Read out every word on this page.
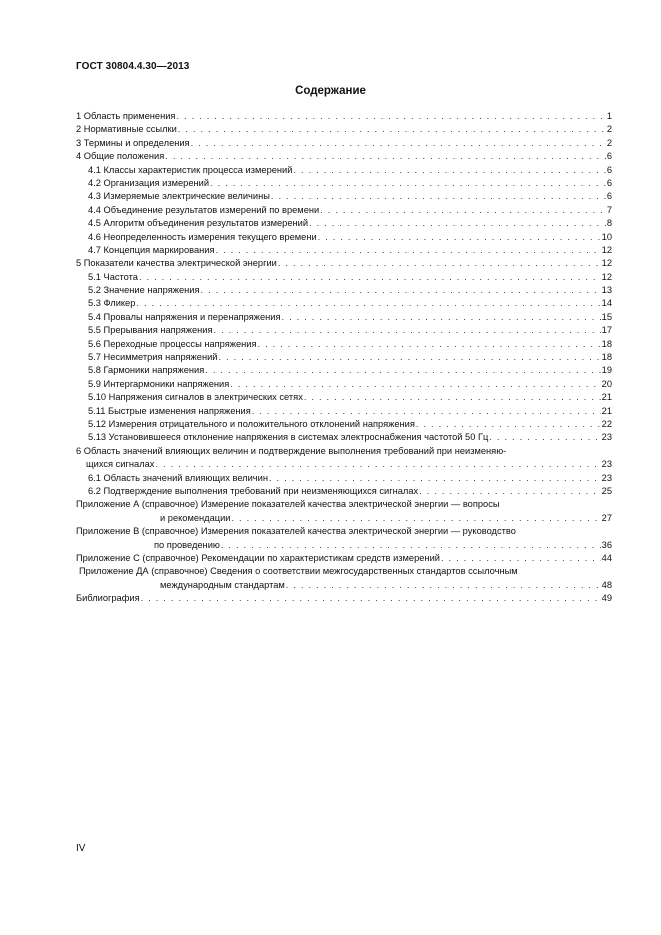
ГОСТ 30804.4.30—2013
Содержание
1 Область применения . . .	1
2 Нормативные ссылки . . .	2
3 Термины и определения . . .	2
4 Общие положения . . .	6
4.1 Классы характеристик процесса измерений . . .	6
4.2 Организация измерений . . .	6
4.3 Измеряемые электрические величины . . .	6
4.4 Объединение результатов измерений по времени . . .	7
4.5 Алгоритм объединения результатов измерений . . .	8
4.6 Неопределенность измерения текущего времени . . .	10
4.7 Концепция маркирования . . .	12
5 Показатели качества электрической энергии . . .	12
5.1 Частота . . .	12
5.2 Значение напряжения . . .	13
5.3 Фликер . . .	14
5.4 Провалы напряжения и перенапряжения . . .	15
5.5 Прерывания напряжения . . .	17
5.6 Переходные процессы напряжения . . .	18
5.7 Несимметрия напряжений . . .	18
5.8 Гармоники напряжения . . .	19
5.9 Интергармоники напряжения . . .	20
5.10 Напряжения сигналов в электрических сетях . . .	21
5.11 Быстрые изменения напряжения . . .	21
5.12 Измерения отрицательного и положительного отклонений напряжения . . .	22
5.13 Установившееся отклонение напряжения в системах электроснабжения частотой 50 Гц . . .	23
6 Область значений влияющих величин и подтверждение выполнения требований при неизменяю-
щихся сигналах . . .	23
6.1 Область значений влияющих величин . . .	23
6.2 Подтверждение выполнения требований при неизменяющихся сигналах . . .	25
Приложение А (справочное) Измерение показателей качества электрической энергии — вопросы
и рекомендации . . .	27
Приложение В (справочное) Измерения показателей качества электрической энергии — руководство
по проведению . . .	36
Приложение С (справочное) Рекомендации по характеристикам средств измерений . . .	44
Приложение ДА (справочное) Сведения о соответствии межгосударственных стандартов ссылочным
международным стандартам . . .	48
Библиография . . .	49
IV
